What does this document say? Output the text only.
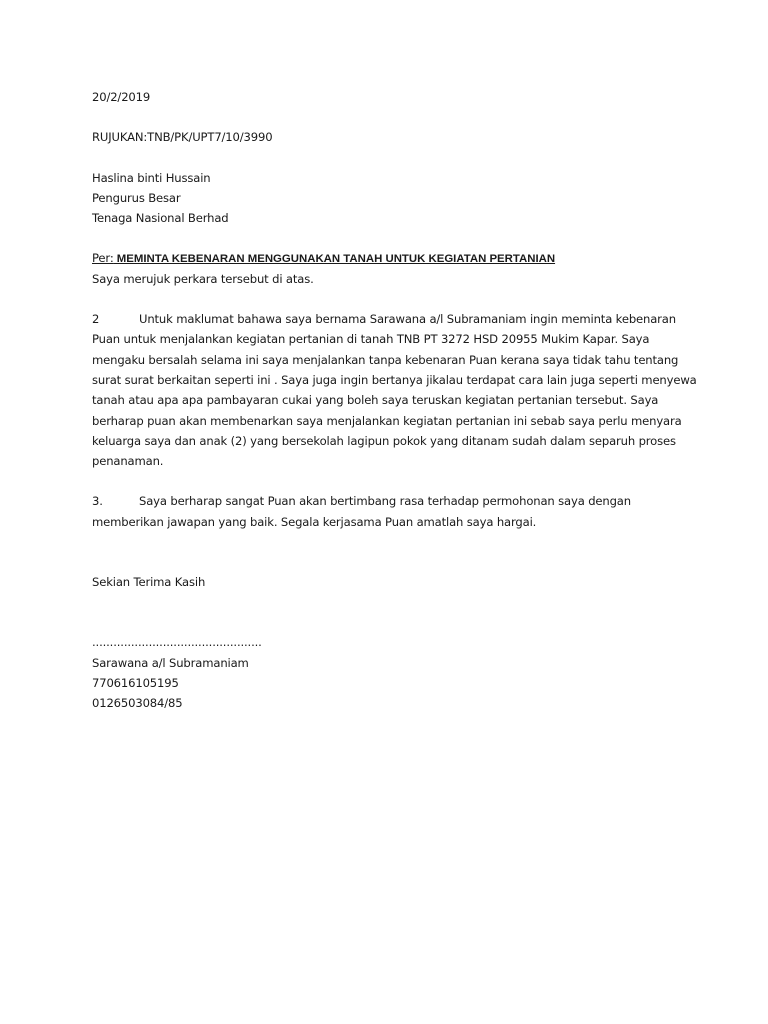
20/2/2019
RUJUKAN:TNB/PK/UPT7/10/3990
Haslina binti Hussain
Pengurus Besar
Tenaga Nasional Berhad
Per: MEMINTA KEBENARAN MENGGUNAKAN TANAH UNTUK KEGIATAN PERTANIAN
Saya merujuk perkara tersebut di atas.
2	Untuk maklumat bahawa saya bernama Sarawana a/l Subramaniam ingin meminta kebenaran
Puan untuk menjalankan kegiatan pertanian di tanah TNB PT 3272 HSD 20955 Mukim Kapar. Saya
mengaku bersalah selama ini saya menjalankan tanpa kebenaran Puan kerana saya tidak tahu tentang
surat surat berkaitan seperti ini . Saya juga ingin bertanya jikalau terdapat cara lain juga seperti menyewa
tanah atau apa apa pambayaran cukai yang boleh saya teruskan kegiatan pertanian tersebut. Saya
berharap puan akan membenarkan saya menjalankan kegiatan pertanian ini sebab saya perlu menyara
keluarga saya dan anak (2) yang bersekolah lagipun pokok yang ditanam sudah dalam separuh proses
penanaman.
3.	Saya berharap sangat Puan akan bertimbang rasa terhadap permohonan saya dengan
memberikan jawapan yang baik. Segala kerjasama Puan amatlah saya hargai.
Sekian Terima Kasih
................................................
Sarawana a/l Subramaniam
770616105195
0126503084/85
